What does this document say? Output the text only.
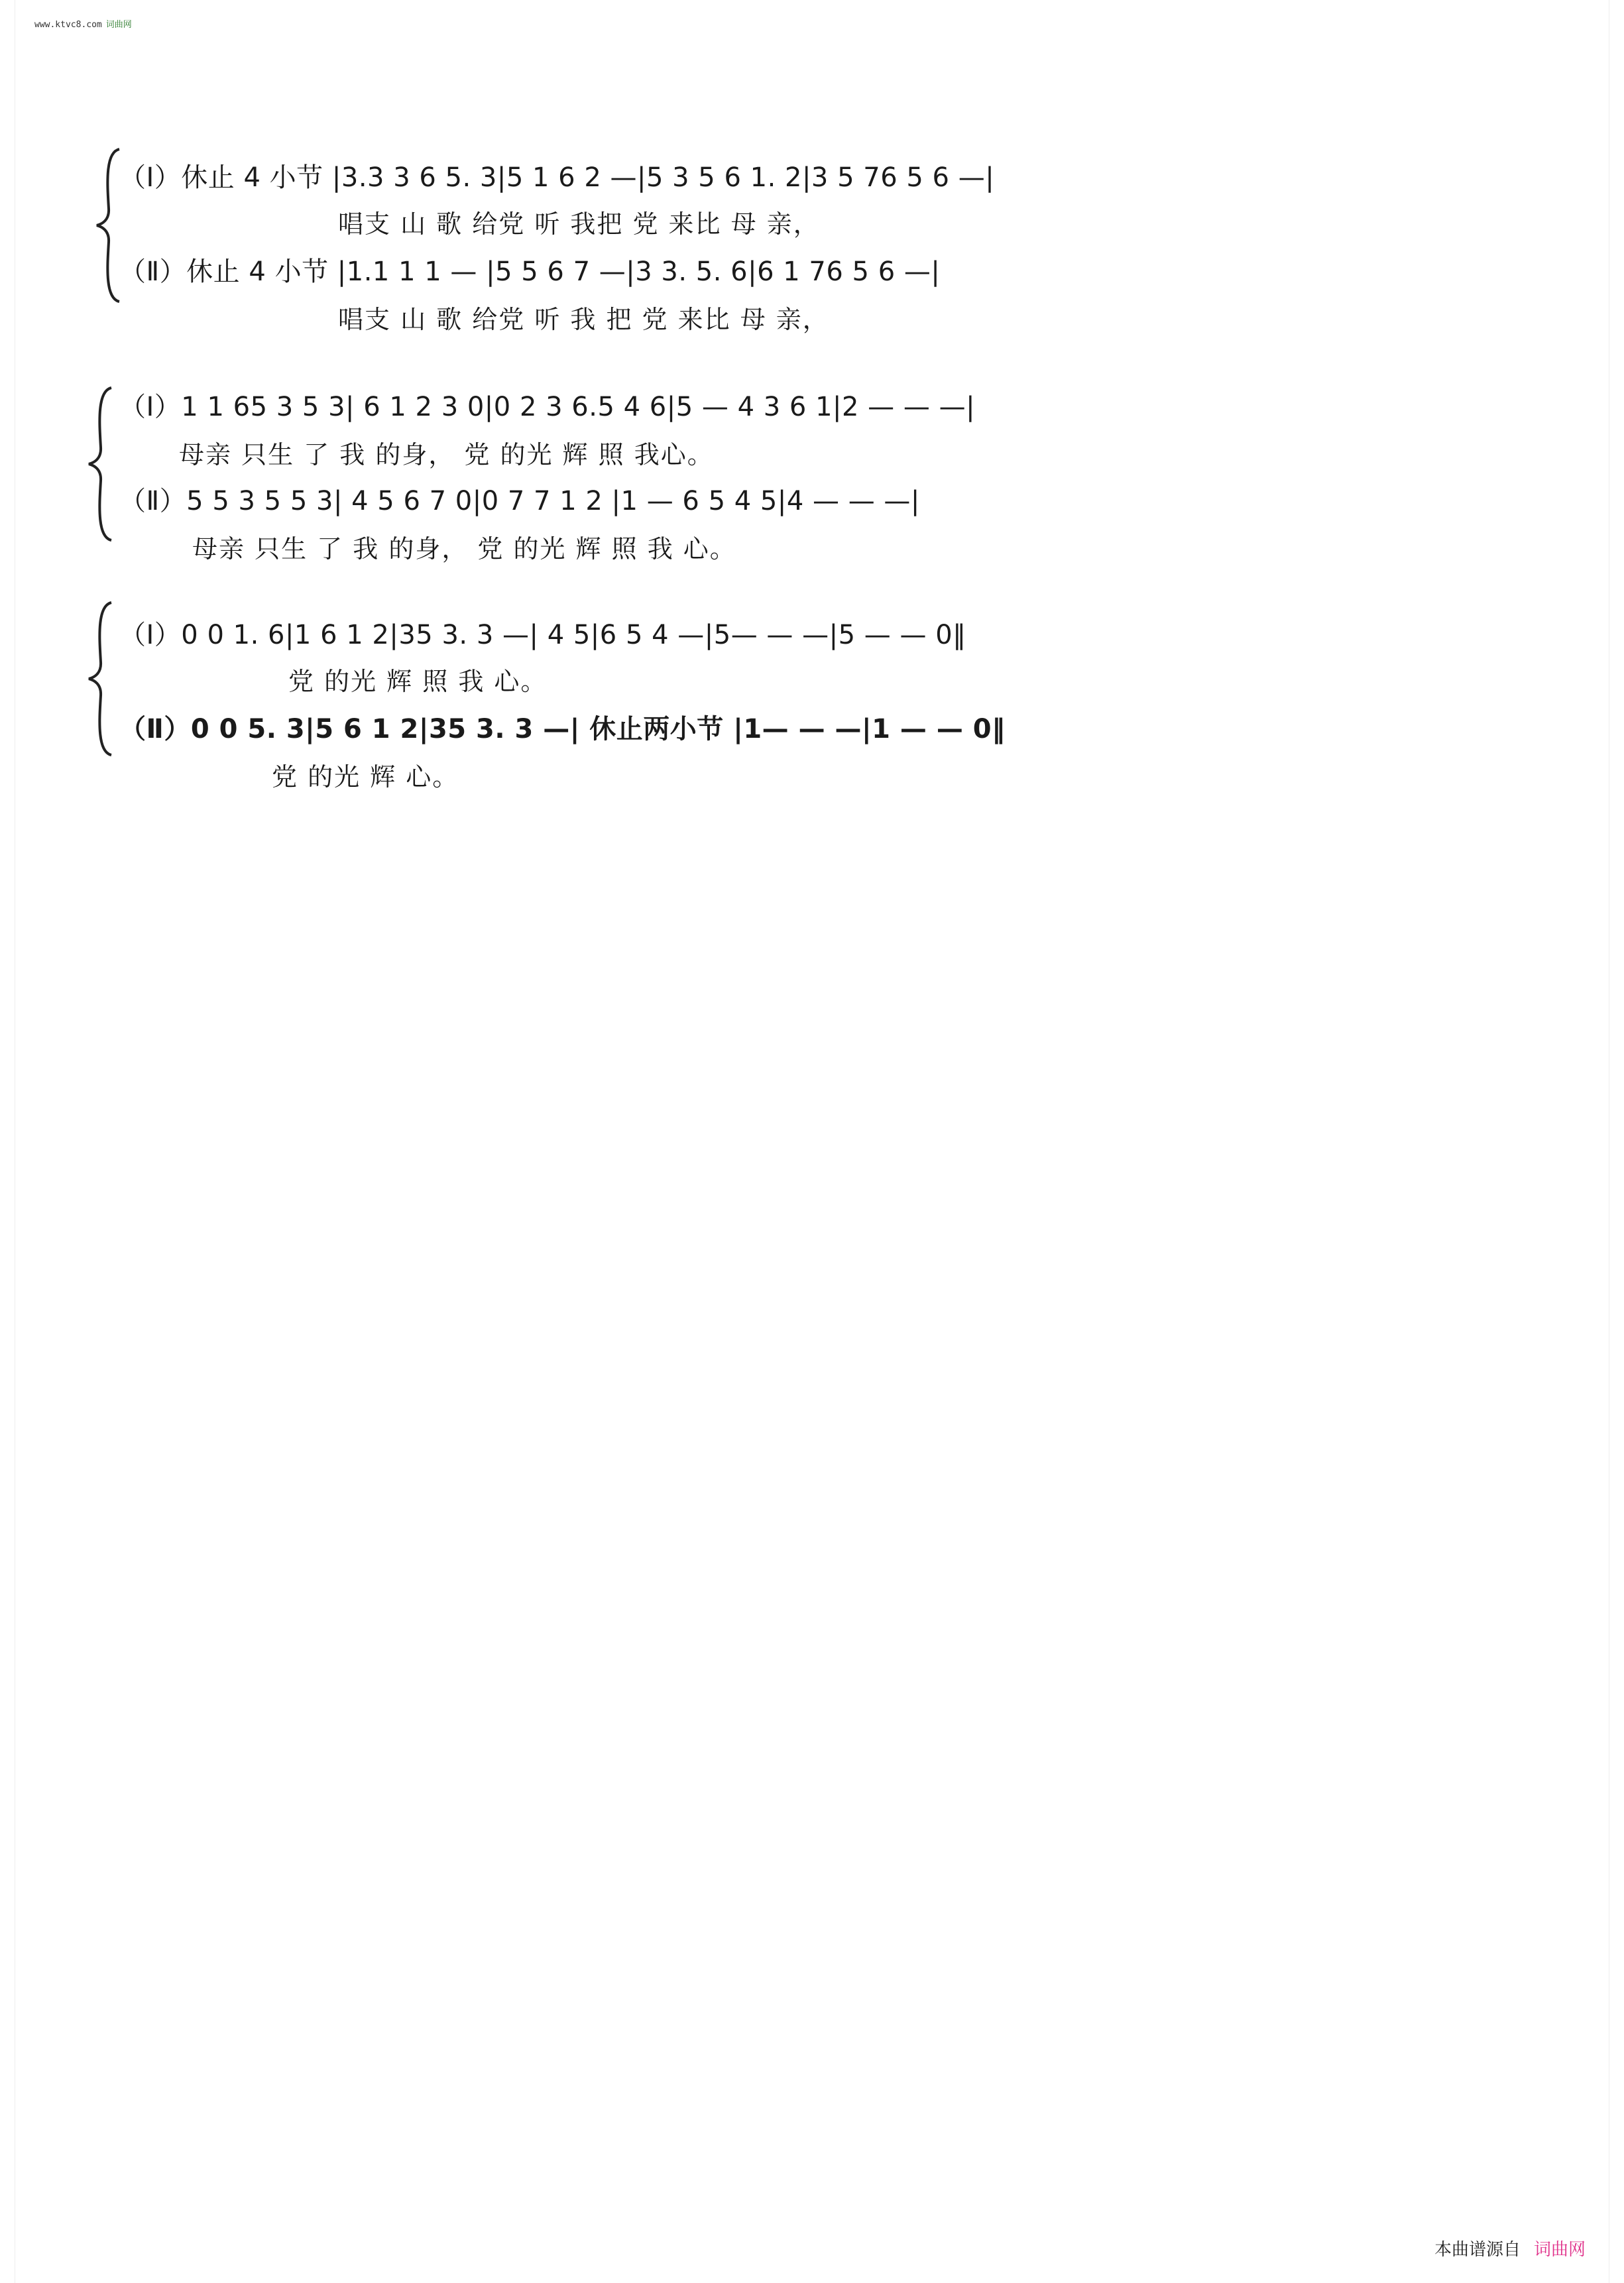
www.ktvc8.com 词曲网
（Ⅰ）休止 4 小节 |3.3 3 6 5. 3|5 1 6 2 —|5 3 5 6 1. 2|3 5 76 5 6 —|
唱支 山 歌 给党 听 我把 党 来比 母 亲，
（Ⅱ）休止 4 小节 |1.1 1 1 — |5 5 6 7 —|3 3. 5. 6|6 1 76 5 6 —|
唱支 山 歌 给党 听 我 把 党 来比 母 亲，
（Ⅰ）1 1 65 3 5 3| 6 1 2 3 0|0 2 3 6.5 4 6|5 — 4 3 6 1|2 — — —|
母亲 只生 了 我 的身， 党 的光 辉 照 我心。
（Ⅱ）5 5 3 5 5 3| 4 5 6 7 0|0 7 7 1 2 |1 — 6 5 4 5|4 — — —|
母亲 只生 了 我 的身， 党 的光 辉 照 我 心。
（Ⅰ）0 0 1. 6|1 6 1 2|35 3. 3 —| 4 5|6 5 4 —|5— — —|5 — — 0‖
党 的光 辉 照 我 心。
（Ⅱ）0 0 5. 3|5 6 1 2|35 3. 3 —| 休止两小节 |1— — —|1 — — 0‖
党 的光 辉 心。
本曲谱源自 词曲网
